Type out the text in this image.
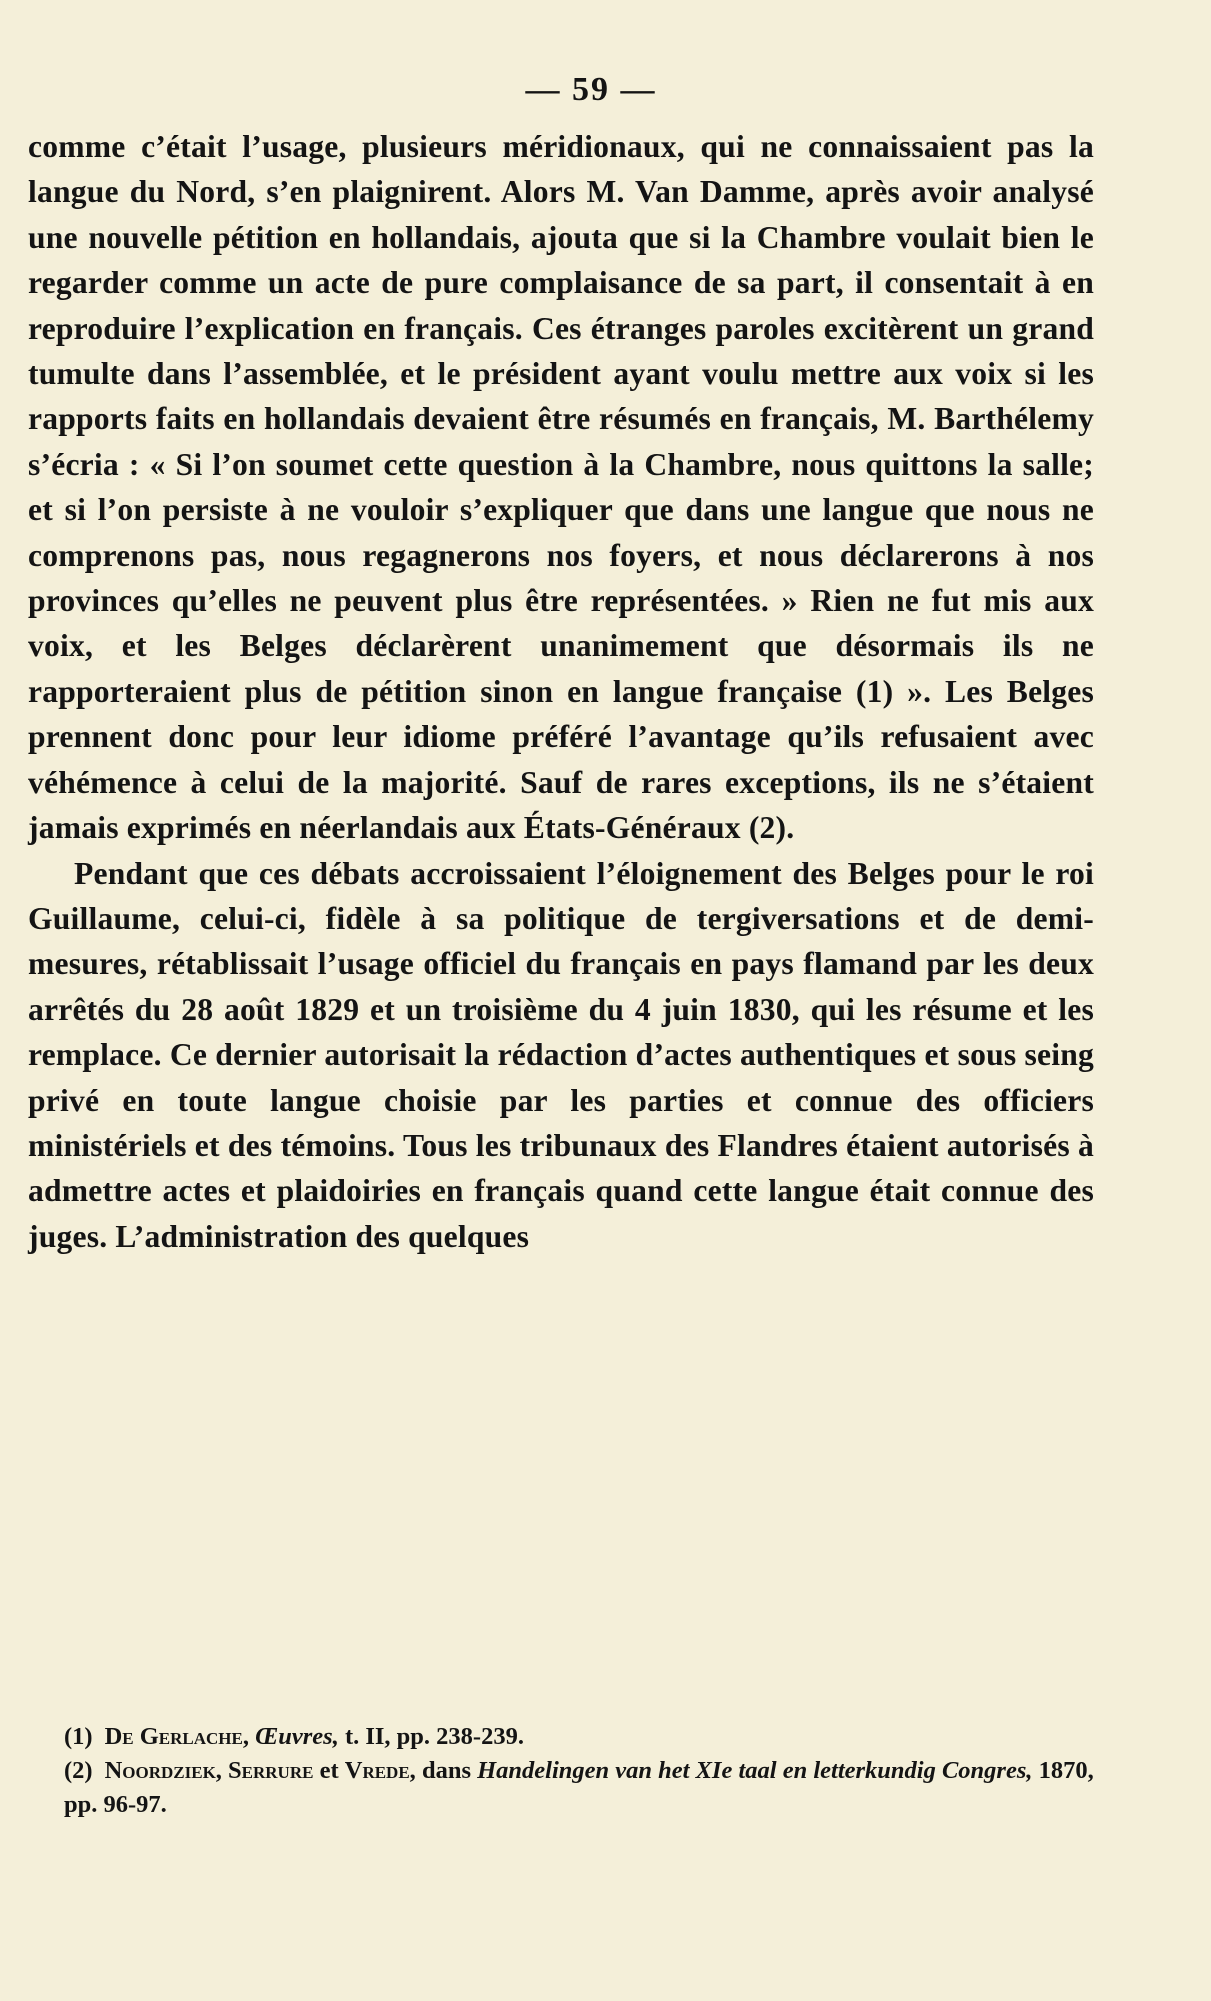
— 59 —

comme c’était l’usage, plusieurs méridionaux, qui ne connaissaient pas la langue du Nord, s’en plaignirent. Alors M. Van Damme, après avoir analysé une nouvelle pétition en hollandais, ajouta que si la Chambre voulait bien le regarder comme un acte de pure complaisance de sa part, il consentait à en reproduire l’explication en français. Ces étranges paroles excitèrent un grand tumulte dans l’assemblée, et le président ayant voulu mettre aux voix si les rapports faits en hollandais devaient être résumés en français, M. Barthélemy s’écria : « Si l’on soumet cette question à la Chambre, nous quittons la salle; et si l’on persiste à ne vouloir s’expliquer que dans une langue que nous ne comprenons pas, nous regagnerons nos foyers, et nous déclarerons à nos provinces qu’elles ne peuvent plus être représentées. » Rien ne fut mis aux voix, et les Belges déclarèrent unanimement que désormais ils ne rapporteraient plus de pétition sinon en langue française (1) ». Les Belges prennent donc pour leur idiome préféré l’avantage qu’ils refusaient avec véhémence à celui de la majorité. Sauf de rares exceptions, ils ne s’étaient jamais exprimés en néerlandais aux États-Généraux (2).

Pendant que ces débats accroissaient l’éloignement des Belges pour le roi Guillaume, celui-ci, fidèle à sa politique de tergiversations et de demi-mesures, rétablissait l’usage officiel du français en pays flamand par les deux arrêtés du 28 août 1829 et un troisième du 4 juin 1830, qui les résume et les remplace. Ce dernier autorisait la rédaction d’actes authentiques et sous seing privé en toute langue choisie par les parties et connue des officiers ministériels et des témoins. Tous les tribunaux des Flandres étaient autorisés à admettre actes et plaidoiries en français quand cette langue était connue des juges. L’administration des quelques

(1) De Gerlache, Œuvres, t. II, pp. 238-239.

(2) Noordziek, Serrure et Vrede, dans Handelingen van het XIe taal en letterkundig Congres, 1870, pp. 96-97.
